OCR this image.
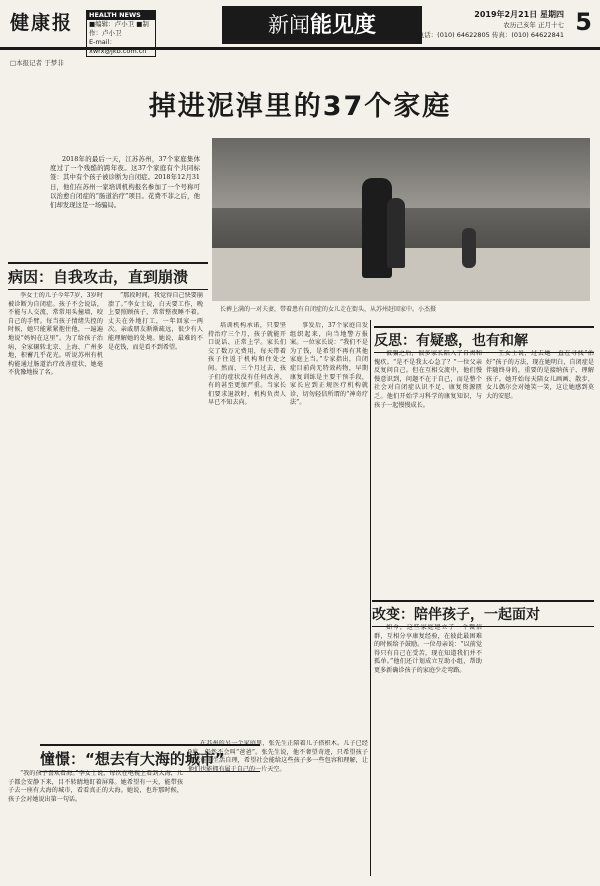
健康报	HEALTH NEWS
■编辑：卢小卫 ■制作：卢小卫
E-mail：xwrx@jkb.com.cn
新闻能见度	2019年2月21日 星期四
农历己亥年 正月十七
电话：(010) 64622805 传真：(010) 64622841 5
□本报记者 于梦非
掉进泥淖里的37个家庭
2018年的最后一天，江苏苏州，37个家庭集体度过了一个残酷的跨年夜。这37个家庭有个共同标签：其中有个孩子被诊断为自闭症。2018年12月31日，他们在苏州一家培训机构报名参加了一个号称可以治愈自闭症的“肠道治疗”项目。花费不菲之后，他们却发现这是一场骗局。
长裤上满的一对夫妻，带着患有自闭症的女儿走在街头，从苏州赶回家中。小杰摄
病因：自我攻击，直到崩溃
反思：有疑惑，也有和解
改变：陪伴孩子，一起面对
憧憬：“想去有大海的城市”

李女士的儿子今年7岁，3岁时被诊断为自闭症。孩子不会说话，不能与人交流，常常用头撞墙，咬自己的手臂。每当孩子情绪失控的时候，她只能紧紧抱住他，一遍遍地说“妈妈在这里”。为了给孩子治病，全家辗转北京、上海、广州多地，积蓄几乎花光。听说苏州有机构能通过肠道治疗改善症状，她毫不犹豫地报了名。

“那段时间，我觉得自己快要崩溃了。”李女士说，白天要工作，晚上要照顾孩子，常常整夜睡不着。丈夫在外地打工，一年回家一两次。亲戚朋友渐渐疏远，很少有人能理解她的处境。她说，最难的不是花钱，而是看不到希望。

培训机构承诺，只要坚持治疗三个月，孩子就能开口说话、正常上学。家长们交了数万元费用，每天带着孩子往返于机构和住处之间。然而，三个月过去，孩子们的症状没有任何改善，有的甚至更加严重。当家长们要求退款时，机构负责人早已不知去向。

事发后，37个家庭自发组织起来，向当地警方报案。一位家长说：“我们不是为了钱，是希望不再有其他家庭上当。”专家指出，自闭症目前尚无特效药物，早期康复训练是主要干预手段，家长应到正规医疗机构就诊，切勿轻信所谓的“神奇疗法”。

被骗之后，很多家长陷入了自责和愧疚。“是不是我太心急了？”一位父亲反复问自己。但在互相交流中，他们慢慢意识到，问题不在于自己，而是整个社会对自闭症认识不足、康复资源匮乏。他们开始学习科学的康复知识，与孩子一起慢慢成长。

王女士说，过去她一直在寻找“治好”孩子的方法，现在她明白，自闭症是伴随终身的，重要的是接纳孩子、理解孩子。她开始每天陪女儿画画、散步，女儿偶尔会对她笑一笑，这让她感到莫大的安慰。

如今，这些家庭建立了一个微信群，互相分享康复经验，在彼此最困难的时候给予鼓励。一位母亲说：“以前觉得只有自己在受苦，现在知道我们并不孤单。”他们还计划成立互助小组，帮助更多新确诊孩子的家庭少走弯路。

“我的孩子喜欢看海。”李女士说，每次在电视上看到大海，儿子都会安静下来，目不转睛地盯着屏幕。她希望有一天，能带孩子去一座有大海的城市，看看真正的大海。她说，也许那时候，孩子会对她说出第一句话。

在苏州的另一个家庭里，张先生正陪着儿子搭积木。儿子已经9岁，仍然不会叫“爸爸”。张先生说，他不奢望奇迹，只希望孩子将来能够生活自理，希望社会能给这些孩子多一些包容和理解，让他们也能拥有属于自己的一片天空。
